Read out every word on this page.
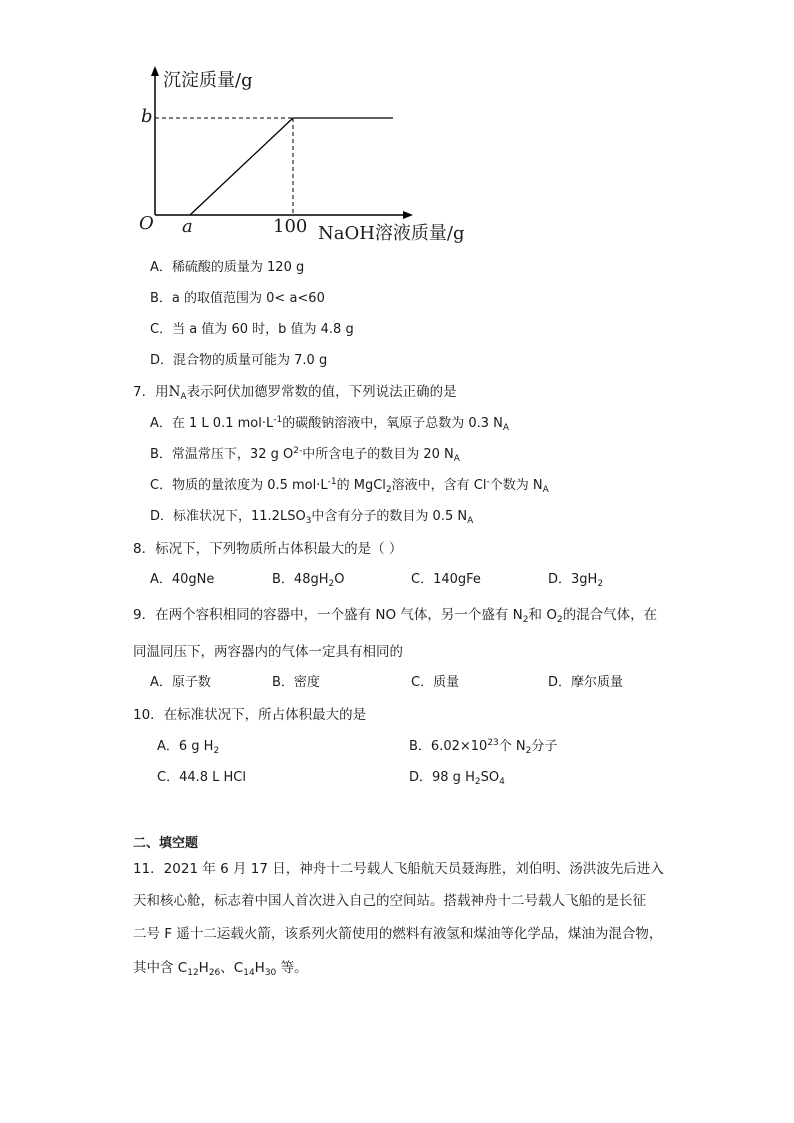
沉淀质量/g
b
O a	100 NaOH溶液质量/g
A．稀硫酸的质量为 120 g
B．a 的取值范围为 0< a<60
C．当 a 值为 60 时，b 值为 4.8 g
D．混合物的质量可能为 7.0 g
7．用$N_A$表示阿伏加德罗常数的值，下列说法正确的是
A．在 1 L 0.1 $mol\cdot L^{-1}$的碳酸钠溶液中，氧原子总数为 0.3 $N_A$
B．常温常压下，32 g $O^{2-}$中所含电子的数目为 20 $N_A$
C．物质的量浓度为 0.5 $mol\cdot L^{-1}$的 MgCl$_2$溶液中，含有 Cl-个数为 $N_A$
D．标准状况下，$11.2LSO_3$中含有分子的数目为 0.5 $N_A$
8．标况下，下列物质所占体积最大的是（ ）
A．40gNe	B．$48gH_2O$	C．140gFe	D．$3gH_2$
9．在两个容积相同的容器中，一个盛有 NO 气体，另一个盛有 $N_2$和 $O_2$的混合气体，在
同温同压下，两容器内的气体一定具有相同的
A．原子数	B．密度	C．质量	D．摩尔质量
10．在标准状况下，所占体积最大的是
A．6 g $H_2$	B．$6.02\times 10^{23}$个 $N_2$分子
C．44.8 L HCl	D．98 g $H_2SO_4$
二、填空题
11．2021 年 6 月 17 日，神舟十二号载人飞船航天员聂海胜，刘伯明、汤洪波先后进入
天和核心舱，标志着中国人首次进入自己的空间站。搭载神舟十二号载人飞船的是长征
二号 F 遥十二运载火箭，该系列火箭使用的燃料有液氢和煤油等化学品，煤油为混合物，
其中含 $C_{12}H_{26}$、$C_{14}H_{30}$ 等。
